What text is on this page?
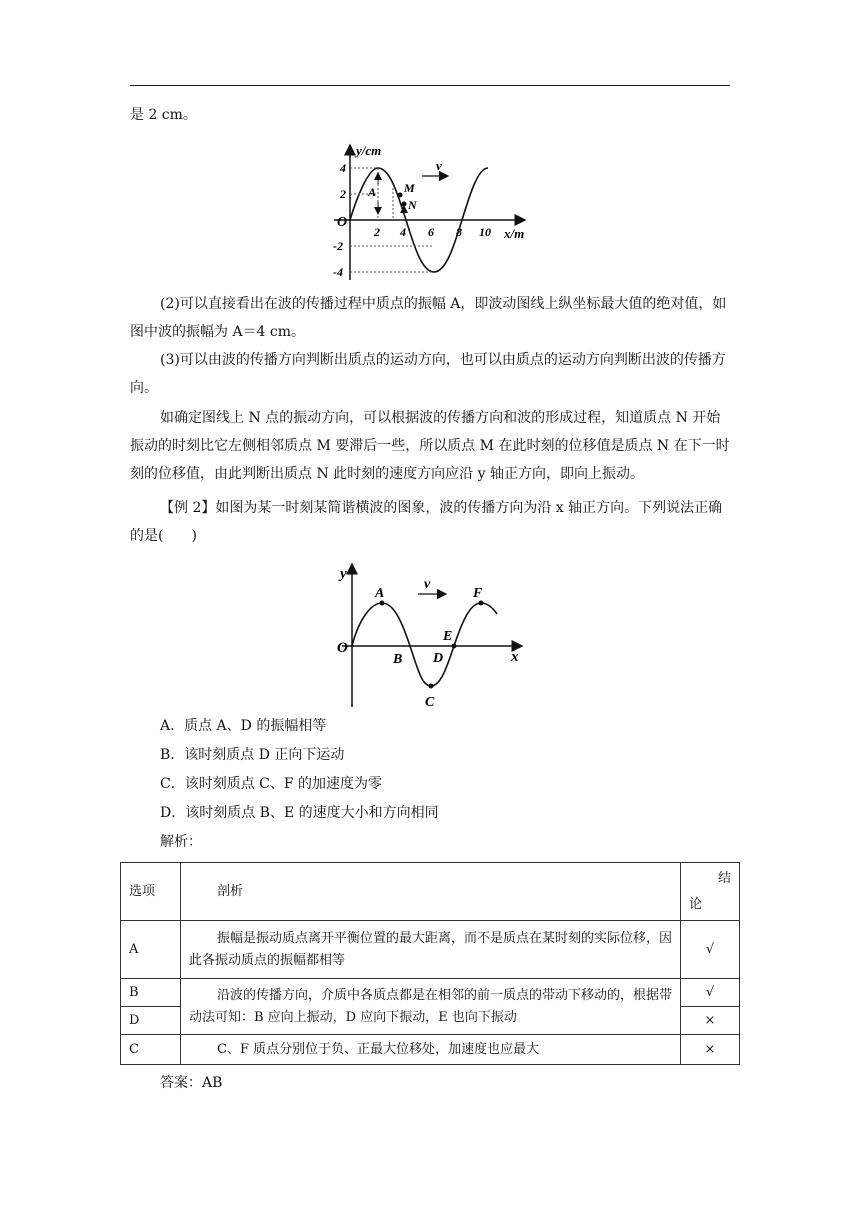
是 2 cm。

v
y/cm
x/m
O
4
2
-2
-4
2 4 6 8 10
A M
N

(2)可以直接看出在波的传播过程中质点的振幅 A，即波动图线上纵坐标最大值的绝对值，如图中波的振幅为 A＝4 cm。

(3)可以由波的传播方向判断出质点的运动方向，也可以由质点的运动方向判断出波的传播方向。

如确定图线上 N 点的振动方向，可以根据波的传播方向和波的形成过程，知道质点 N 开始振动的时刻比它左侧相邻质点 M 要滞后一些，所以质点 M 在此时刻的位移值是质点 N 在下一时刻的位移值，由此判断出质点 N 此时刻的速度方向应沿 y 轴正方向，即向上振动。

【例 2】如图为某一时刻某简谐横波的图象，波的传播方向为沿 x 轴正方向。下列说法正确的是(　　)

v
y
x
O
A
B
C
D
E
F

A．质点 A、D 的振幅相等

B．该时刻质点 D 正向下运动

C．该时刻质点 C、F 的加速度为零

D．该时刻质点 B、E 的速度大小和方向相同

解析：

选项	剖析	结
论

A	振幅是振动质点离开平衡位置的最大距离，而不是质点在某时刻的实际位移，因此各振动质点的振幅都相等	√
B	沿波的传播方向，介质中各质点都是在相邻的前一质点的带动下移动的，根据带动法可知：B 应向上振动，D 应向下振动，E 也向下振动	√
D		×
C	C、F 质点分别位于负、正最大位移处，加速度也应最大	×

答案：AB
